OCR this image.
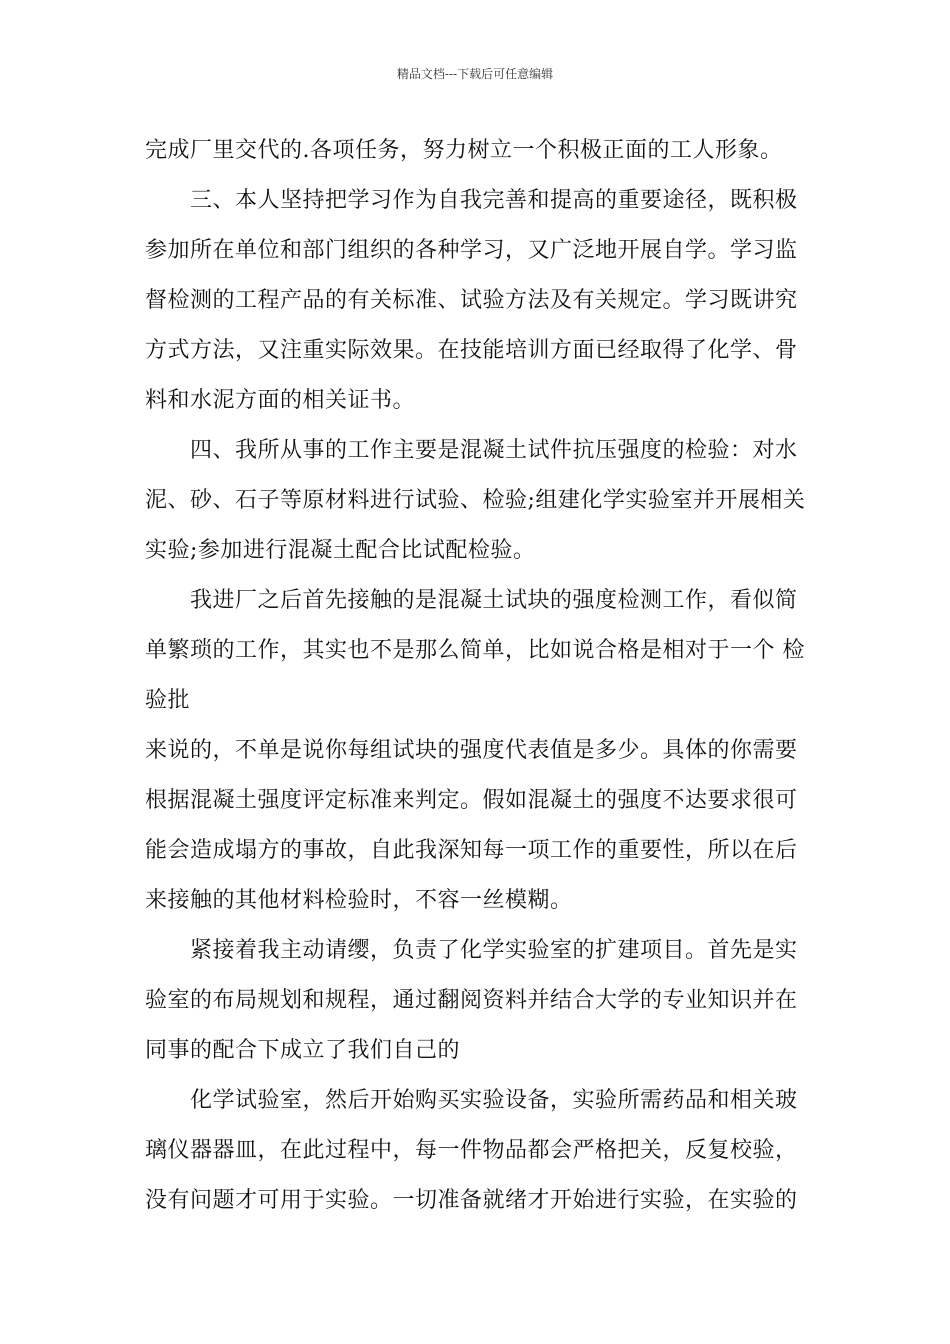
精品文档---下载后可任意编辑
完成厂里交代的.各项任务，努力树立一个积极正面的工人形象。
三、本人坚持把学习作为自我完善和提高的重要途径，既积极
参加所在单位和部门组织的各种学习，又广泛地开展自学。学习监
督检测的工程产品的有关标准、试验方法及有关规定。学习既讲究
方式方法，又注重实际效果。在技能培训方面已经取得了化学、骨
料和水泥方面的相关证书。
四、我所从事的工作主要是混凝土试件抗压强度的检验：对水
泥、砂、石子等原材料进行试验、检验;组建化学实验室并开展相关
实验;参加进行混凝土配合比试配检验。
我进厂之后首先接触的是混凝土试块的强度检测工作，看似简
单繁琐的工作，其实也不是那么简单，比如说合格是相对于一个 检
验批
来说的，不单是说你每组试块的强度代表值是多少。具体的你需要
根据混凝土强度评定标准来判定。假如混凝土的强度不达要求很可
能会造成塌方的事故，自此我深知每一项工作的重要性，所以在后
来接触的其他材料检验时，不容一丝模糊。
紧接着我主动请缨，负责了化学实验室的扩建项目。首先是实
验室的布局规划和规程，通过翻阅资料并结合大学的专业知识并在
同事的配合下成立了我们自己的
化学试验室，然后开始购买实验设备，实验所需药品和相关玻
璃仪器器皿，在此过程中，每一件物品都会严格把关，反复校验，
没有问题才可用于实验。一切准备就绪才开始进行实验，在实验的
